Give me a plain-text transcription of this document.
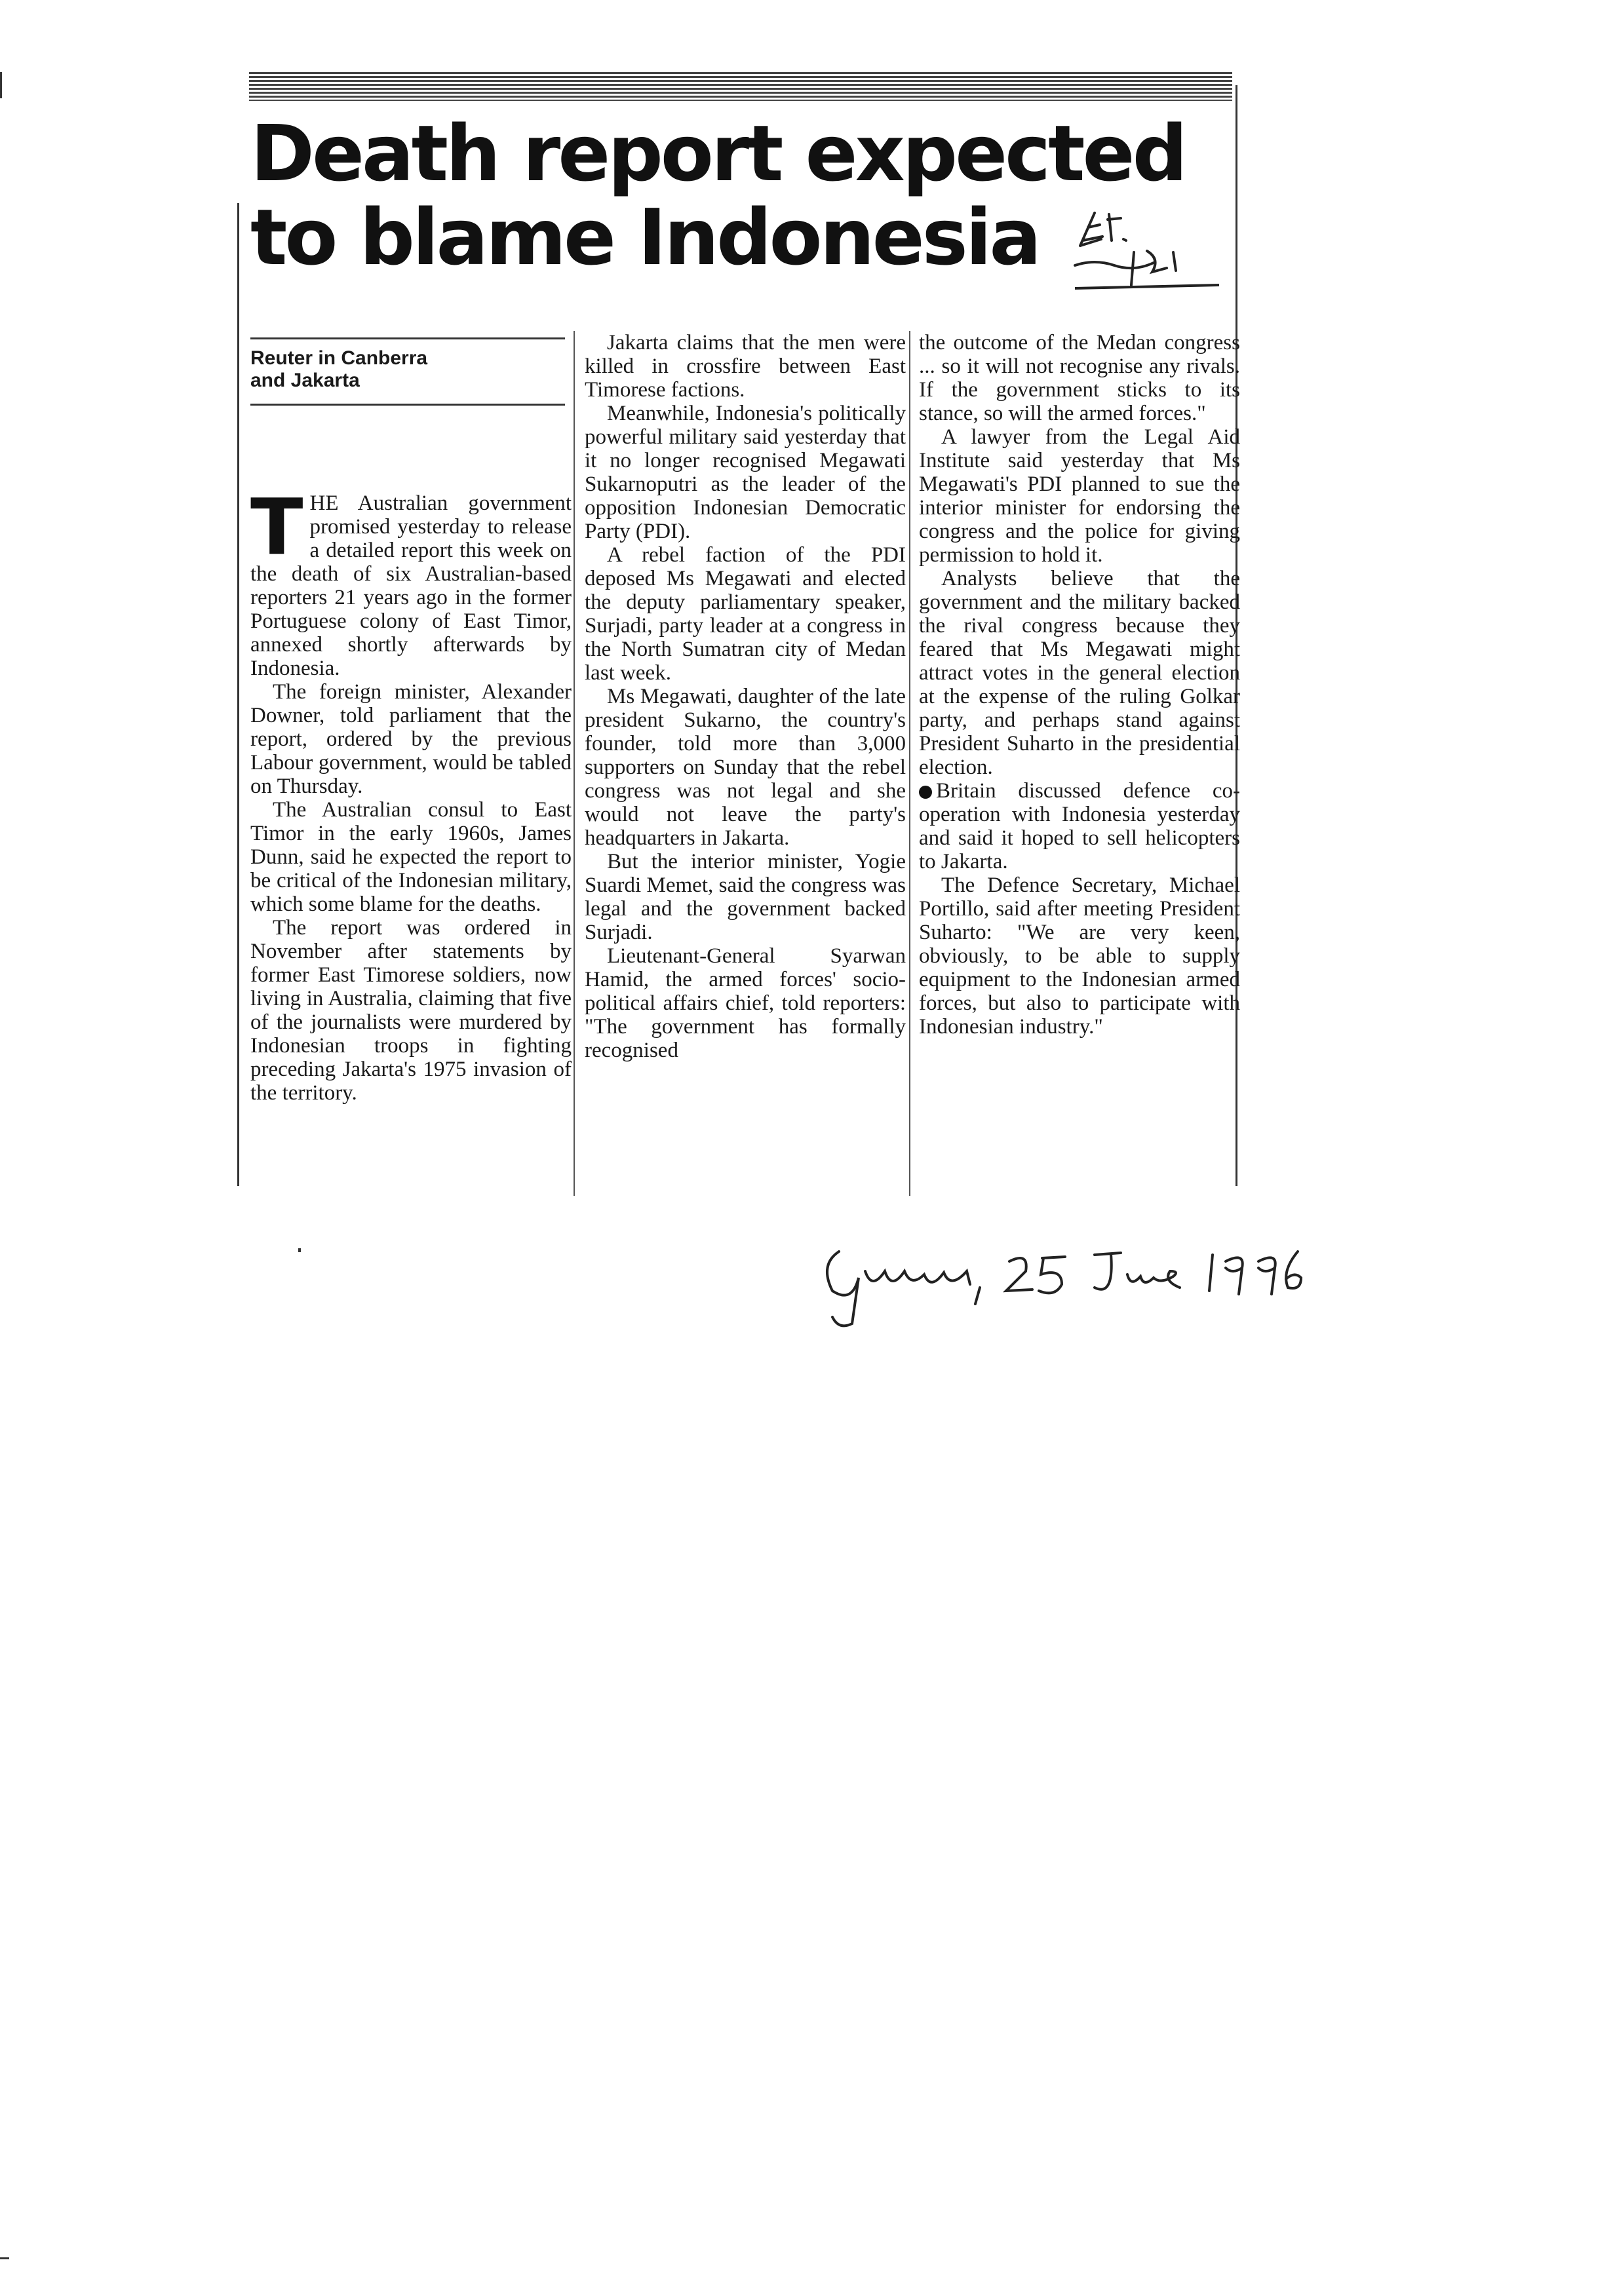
Death report expected
to blame Indonesia
Reuter in Canberra
and Jakarta

THE Australian government promised yesterday to release a detailed report this week on the death of six Australian-based reporters 21 years ago in the former Portuguese colony of East Timor, annexed shortly afterwards by Indonesia.

The foreign minister, Alexander Downer, told parliament that the report, ordered by the previous Labour government, would be tabled on Thursday.

The Australian consul to East Timor in the early 1960s, James Dunn, said he expected the report to be critical of the Indonesian military, which some blame for the deaths.

The report was ordered in November after statements by former East Timorese soldiers, now living in Australia, claiming that five of the journalists were murdered by Indonesian troops in fighting preceding Jakarta's 1975 invasion of the territory.

Jakarta claims that the men were killed in crossfire between East Timorese factions.

Meanwhile, Indonesia's politically powerful military said yesterday that it no longer recognised Megawati Sukarnoputri as the leader of the opposition Indonesian Democratic Party (PDI).

A rebel faction of the PDI deposed Ms Megawati and elected the deputy parliamentary speaker, Surjadi, party leader at a congress in the North Sumatran city of Medan last week.

Ms Megawati, daughter of the late president Sukarno, the country's founder, told more than 3,000 supporters on Sunday that the rebel congress was not legal and she would not leave the party's headquarters in Jakarta.

But the interior minister, Yogie Suardi Memet, said the congress was legal and the government backed Surjadi.

Lieutenant-General Syarwan Hamid, the armed forces' socio-political affairs chief, told reporters: "The government has formally recognised

the outcome of the Medan congress ... so it will not recognise any rivals. If the government sticks to its stance, so will the armed forces."

A lawyer from the Legal Aid Institute said yesterday that Ms Megawati's PDI planned to sue the interior minister for endorsing the congress and the police for giving permission to hold it.

Analysts believe that the government and the military backed the rival congress because they feared that Ms Megawati might attract votes in the general election at the expense of the ruling Golkar party, and perhaps stand against President Suharto in the presidential election.

Britain discussed defence co-operation with Indonesia yesterday and said it hoped to sell helicopters to Jakarta.

The Defence Secretary, Michael Portillo, said after meeting President Suharto: "We are very keen, obviously, to be able to supply equipment to the Indonesian armed forces, but also to participate with Indonesian industry."
